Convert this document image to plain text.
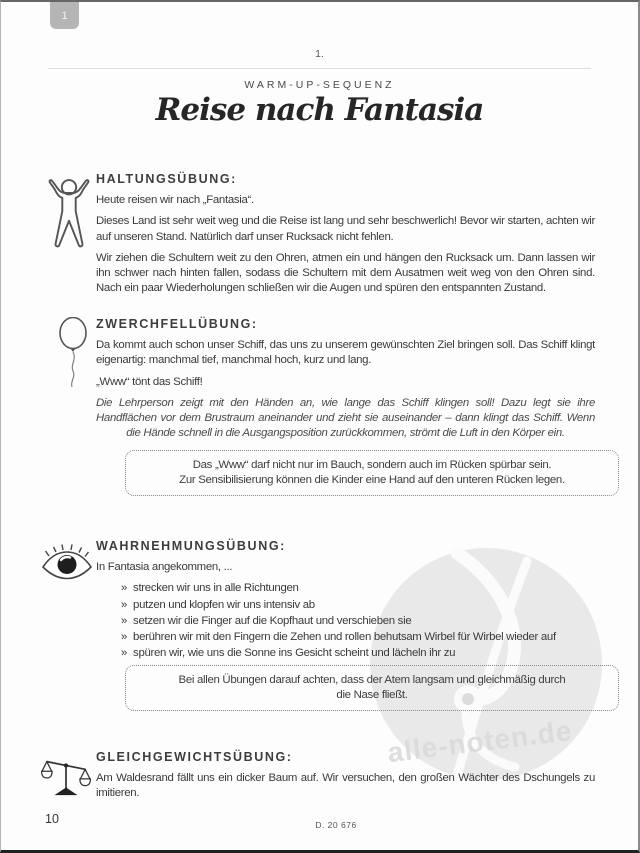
alle-noten.de
1
1.
WARM-UP-SEQUENZ
Reise nach Fantasia
HALTUNGSÜBUNG:

Heute reisen wir nach „Fantasia“.

Dieses Land ist sehr weit weg und die Reise ist lang und sehr beschwerlich! Bevor wir starten, achten wir auf unseren Stand. Natürlich darf unser Rucksack nicht fehlen.

Wir ziehen die Schultern weit zu den Ohren, atmen ein und hängen den Rucksack um. Dann lassen wir ihn schwer nach hinten fallen, sodass die Schultern mit dem Ausatmen weit weg von den Ohren sind. Nach ein paar Wiederholungen schließen wir die Augen und spüren den entspannten Zustand.

ZWERCHFELLÜBUNG:

Da kommt auch schon unser Schiff, das uns zu unserem gewünschten Ziel bringen soll. Das Schiff klingt eigenartig: manchmal tief, manchmal hoch, kurz und lang.

„Www“ tönt das Schiff!

Die Lehrperson zeigt mit den Händen an, wie lange das Schiff klingen soll! Dazu legt sie ihre Handflächen vor dem Brustraum aneinander und zieht sie auseinander – dann klingt das Schiff. Wenn die Hände schnell in die Ausgangsposition zurückkommen, strömt die Luft in den Körper ein.

Das „Www“ darf nicht nur im Bauch, sondern auch im Rücken spürbar sein.
Zur Sensibilisierung können die Kinder eine Hand auf den unteren Rücken legen.
WAHRNEHMUNGSÜBUNG:

In Fantasia angekommen, ...

» strecken wir uns in alle Richtungen
» putzen und klopfen wir uns intensiv ab
» setzen wir die Finger auf die Kopfhaut und verschieben sie
» berühren wir mit den Fingern die Zehen und rollen behutsam Wirbel für Wirbel wieder auf
» spüren wir, wie uns die Sonne ins Gesicht scheint und lächeln ihr zu
Bei allen Übungen darauf achten, dass der Atem langsam und gleichmäßig durch
die Nase fließt.
GLEICHGEWICHTSÜBUNG:

Am Waldesrand fällt uns ein dicker Baum auf. Wir versuchen, den großen Wächter des Dschungels zu imitieren.

10	D. 20 676
